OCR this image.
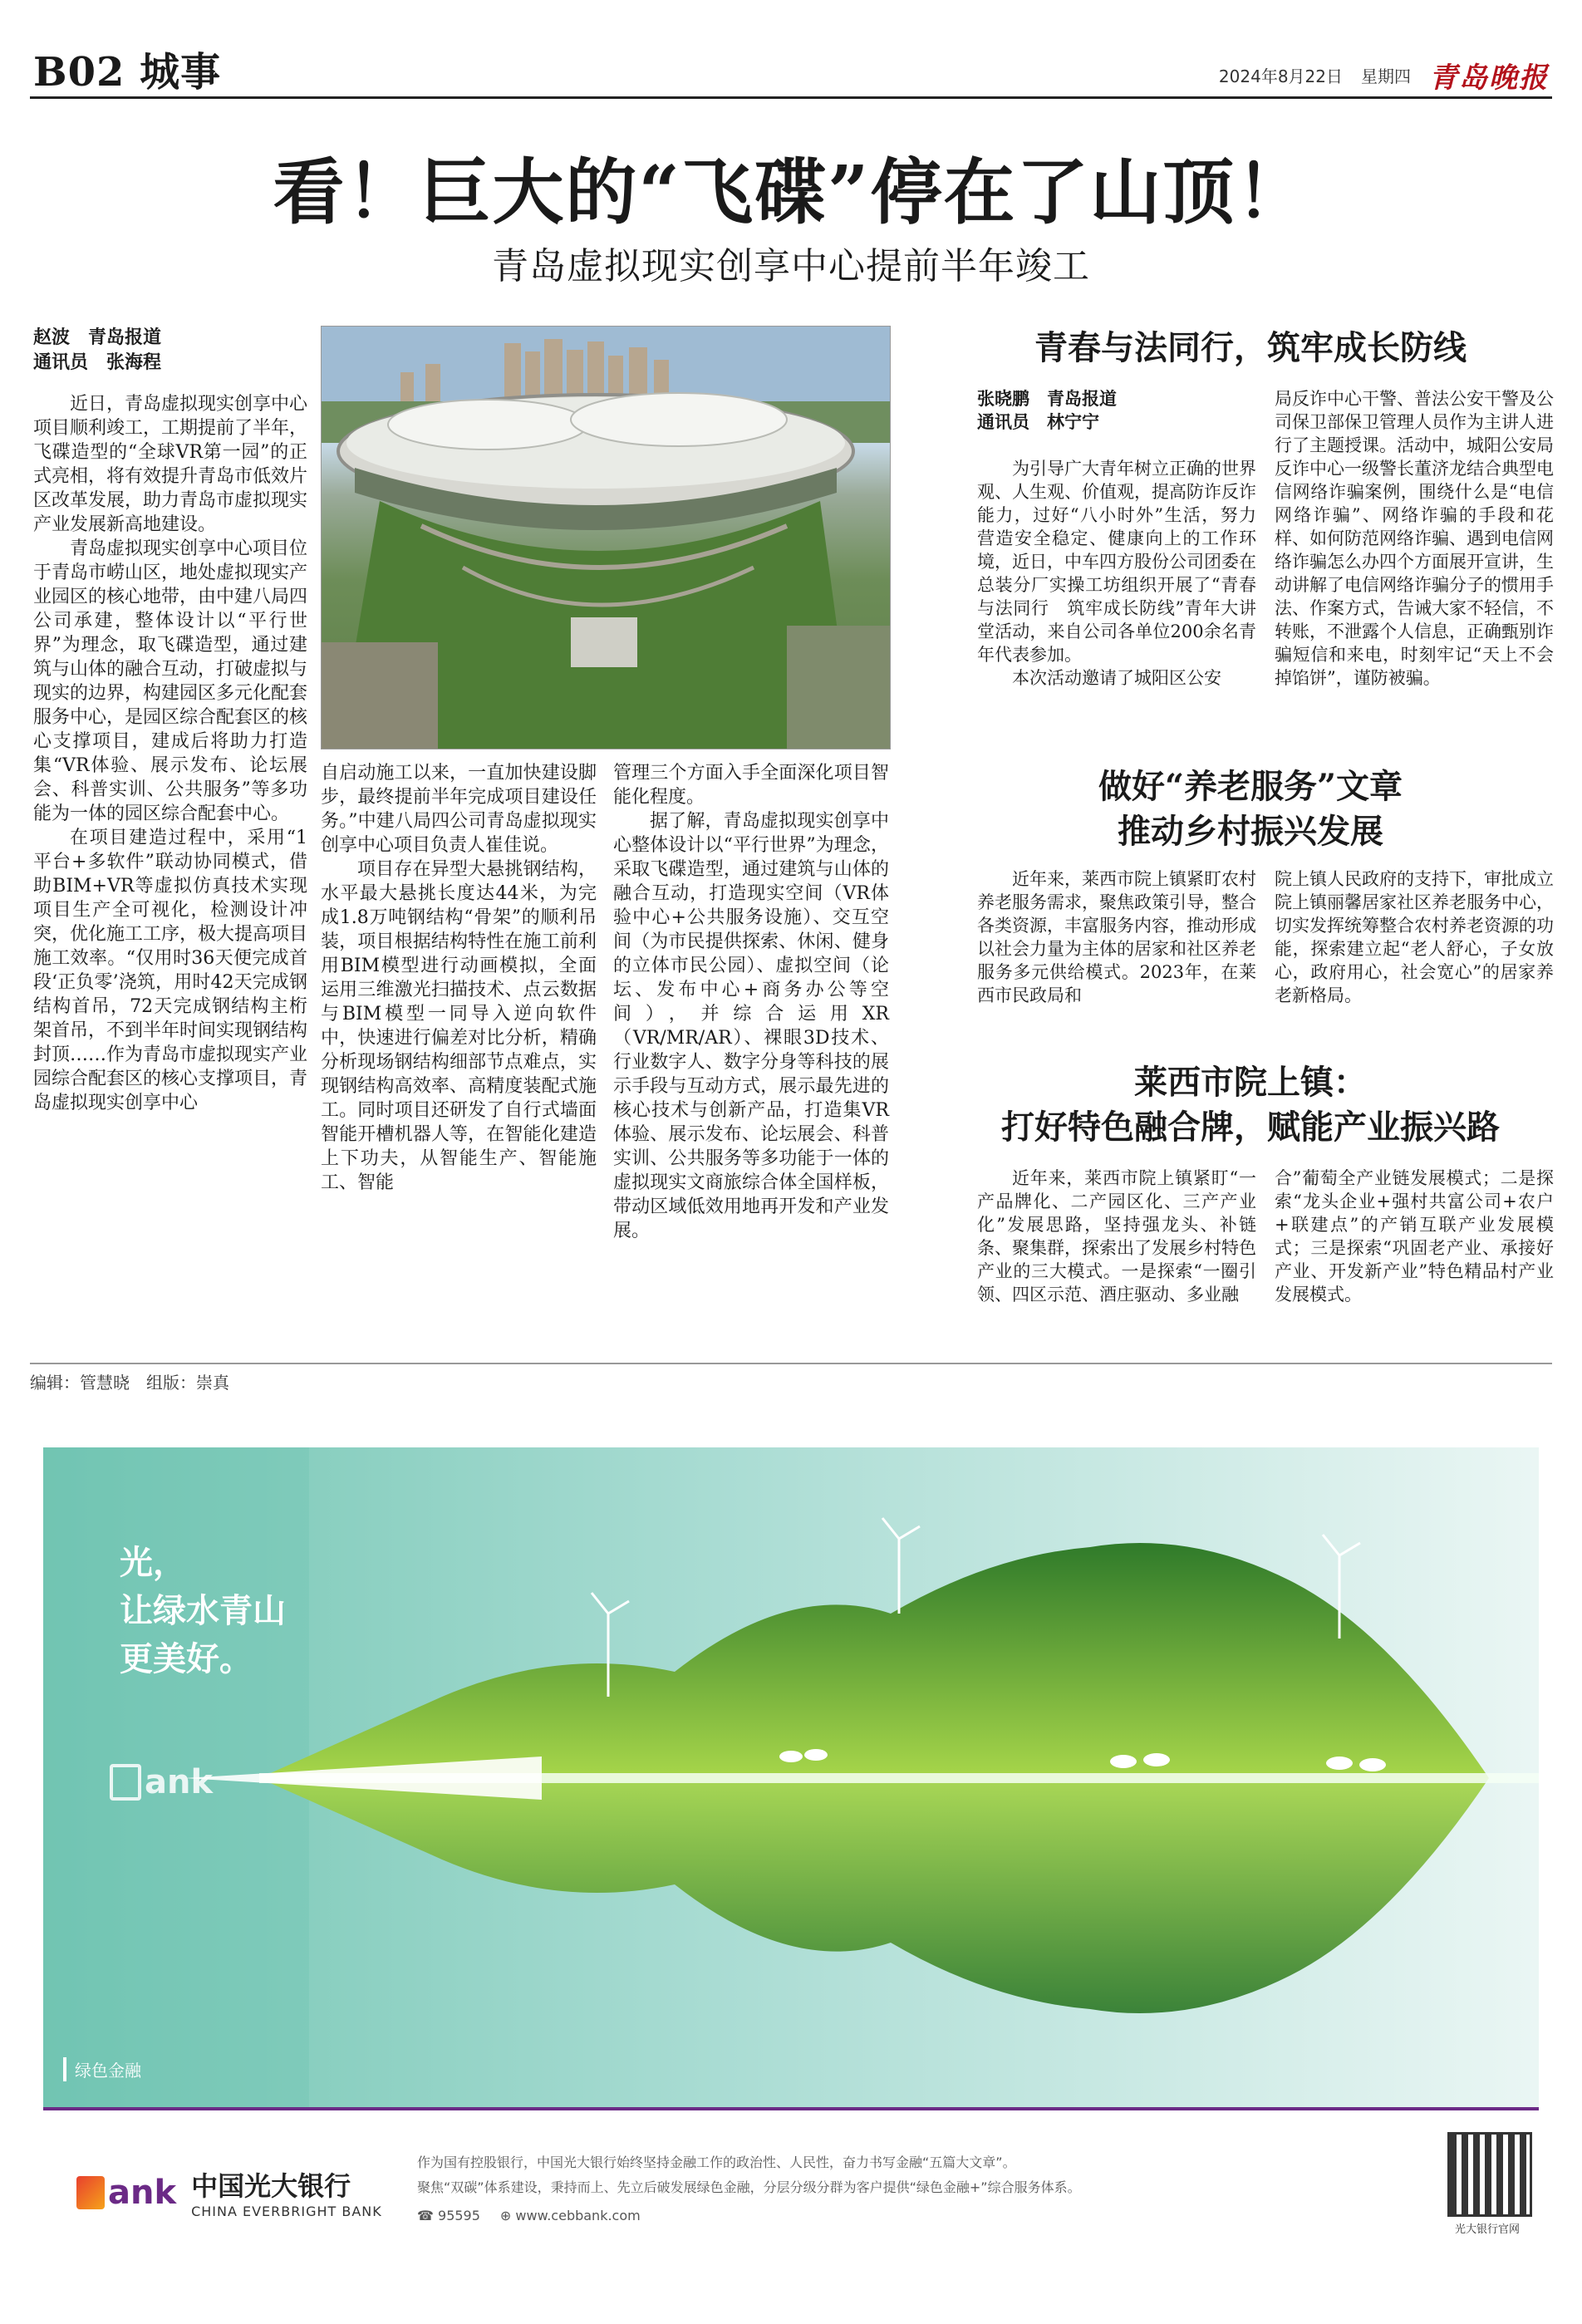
B02 城事	2024年8月22日 星期四 青岛晚报
看！巨大的“飞碟”停在了山顶！
青岛虚拟现实创享中心提前半年竣工
赵波　青岛报道
通讯员　张海程

近日，青岛虚拟现实创享中心项目顺利竣工，工期提前了半年，飞碟造型的“全球VR第一园”的正式亮相，将有效提升青岛市低效片区改革发展，助力青岛市虚拟现实产业发展新高地建设。

青岛虚拟现实创享中心项目位于青岛市崂山区，地处虚拟现实产业园区的核心地带，由中建八局四公司承建，整体设计以“平行世界”为理念，取飞碟造型，通过建筑与山体的融合互动，打破虚拟与现实的边界，构建园区多元化配套服务中心，是园区综合配套区的核心支撑项目，建成后将助力打造集“VR体验、展示发布、论坛展会、科普实训、公共服务”等多功能为一体的园区综合配套中心。

在项目建造过程中，采用“1平台+多软件”联动协同模式，借助BIM+VR等虚拟仿真技术实现项目生产全可视化，检测设计冲突，优化施工工序，极大提高项目施工效率。“仅用时36天便完成首段‘正负零’浇筑，用时42天完成钢结构首吊，72天完成钢结构主桁架首吊，不到半年时间实现钢结构封顶……作为青岛市虚拟现实产业园综合配套区的核心支撑项目，青岛虚拟现实创享中心

自启动施工以来，一直加快建设脚步，最终提前半年完成项目建设任务。”中建八局四公司青岛虚拟现实创享中心项目负责人崔佳说。

项目存在异型大悬挑钢结构，水平最大悬挑长度达44米，为完成1.8万吨钢结构“骨架”的顺利吊装，项目根据结构特性在施工前利用BIM模型进行动画模拟，全面运用三维激光扫描技术、点云数据与BIM模型一同导入逆向软件中，快速进行偏差对比分析，精确分析现场钢结构细部节点难点，实现钢结构高效率、高精度装配式施工。同时项目还研发了自行式墙面智能开槽机器人等，在智能化建造上下功夫，从智能生产、智能施工、智能

管理三个方面入手全面深化项目智能化程度。

据了解，青岛虚拟现实创享中心整体设计以“平行世界”为理念，采取飞碟造型，通过建筑与山体的融合互动，打造现实空间（VR体验中心+公共服务设施）、交互空间（为市民提供探索、休闲、健身的立体市民公园）、虚拟空间（论坛、发布中心+商务办公等空间），并综合运用XR（VR/MR/AR）、裸眼3D技术、行业数字人、数字分身等科技的展示手段与互动方式，展示最先进的核心技术与创新产品，打造集VR体验、展示发布、论坛展会、科普实训、公共服务等多功能于一体的虚拟现实文商旅综合体全国样板，带动区域低效用地再开发和产业发展。

青春与法同行，筑牢成长防线
张晓鹏　青岛报道
通讯员　林宁宁

为引导广大青年树立正确的世界观、人生观、价值观，提高防诈反诈能力，过好“八小时外”生活，努力营造安全稳定、健康向上的工作环境，近日，中车四方股份公司团委在总装分厂实操工坊组织开展了“青春与法同行　筑牢成长防线”青年大讲堂活动，来自公司各单位200余名青年代表参加。

本次活动邀请了城阳区公安

局反诈中心干警、普法公安干警及公司保卫部保卫管理人员作为主讲人进行了主题授课。活动中，城阳公安局反诈中心一级警长董济龙结合典型电信网络诈骗案例，围绕什么是“电信网络诈骗”、网络诈骗的手段和花样、如何防范网络诈骗、遇到电信网络诈骗怎么办四个方面展开宣讲，生动讲解了电信网络诈骗分子的惯用手法、作案方式，告诫大家不轻信，不转账，不泄露个人信息，正确甄别诈骗短信和来电，时刻牢记“天上不会掉馅饼”，谨防被骗。

做好“养老服务”文章
推动乡村振兴发展

近年来，莱西市院上镇紧盯农村养老服务需求，聚焦政策引导，整合各类资源，丰富服务内容，推动形成以社会力量为主体的居家和社区养老服务多元供给模式。2023年，在莱西市民政局和

院上镇人民政府的支持下，审批成立院上镇丽馨居家社区养老服务中心，切实发挥统筹整合农村养老资源的功能，探索建立起“老人舒心，子女放心，政府用心，社会宽心”的居家养老新格局。

莱西市院上镇：
打好特色融合牌，赋能产业振兴路

近年来，莱西市院上镇紧盯“一产品牌化、二产园区化、三产产业化”发展思路，坚持强龙头、补链条、聚集群，探索出了发展乡村特色产业的三大模式。一是探索“一圈引领、四区示范、酒庄驱动、多业融

合”葡萄全产业链发展模式；二是探索“龙头企业+强村共富公司+农户+联建点”的产销互联产业发展模式；三是探索“巩固老产业、承接好产业、开发新产业”特色精品村产业发展模式。

编辑：管慧晓　组版：崇真
光，
让绿水青山
更美好。
ank
绿色金融
ank 中国光大银行
CHINA EVERBRIGHT BANK
作为国有控股银行，中国光大银行始终坚持金融工作的政治性、人民性，奋力书写金融“五篇大文章”。
聚焦“双碳”体系建设，秉持而上、先立后破发展绿色金融，分层分级分群为客户提供“绿色金融+”综合服务体系。
☎ 95595 ⊕ www.cebbank.com
光大银行官网
